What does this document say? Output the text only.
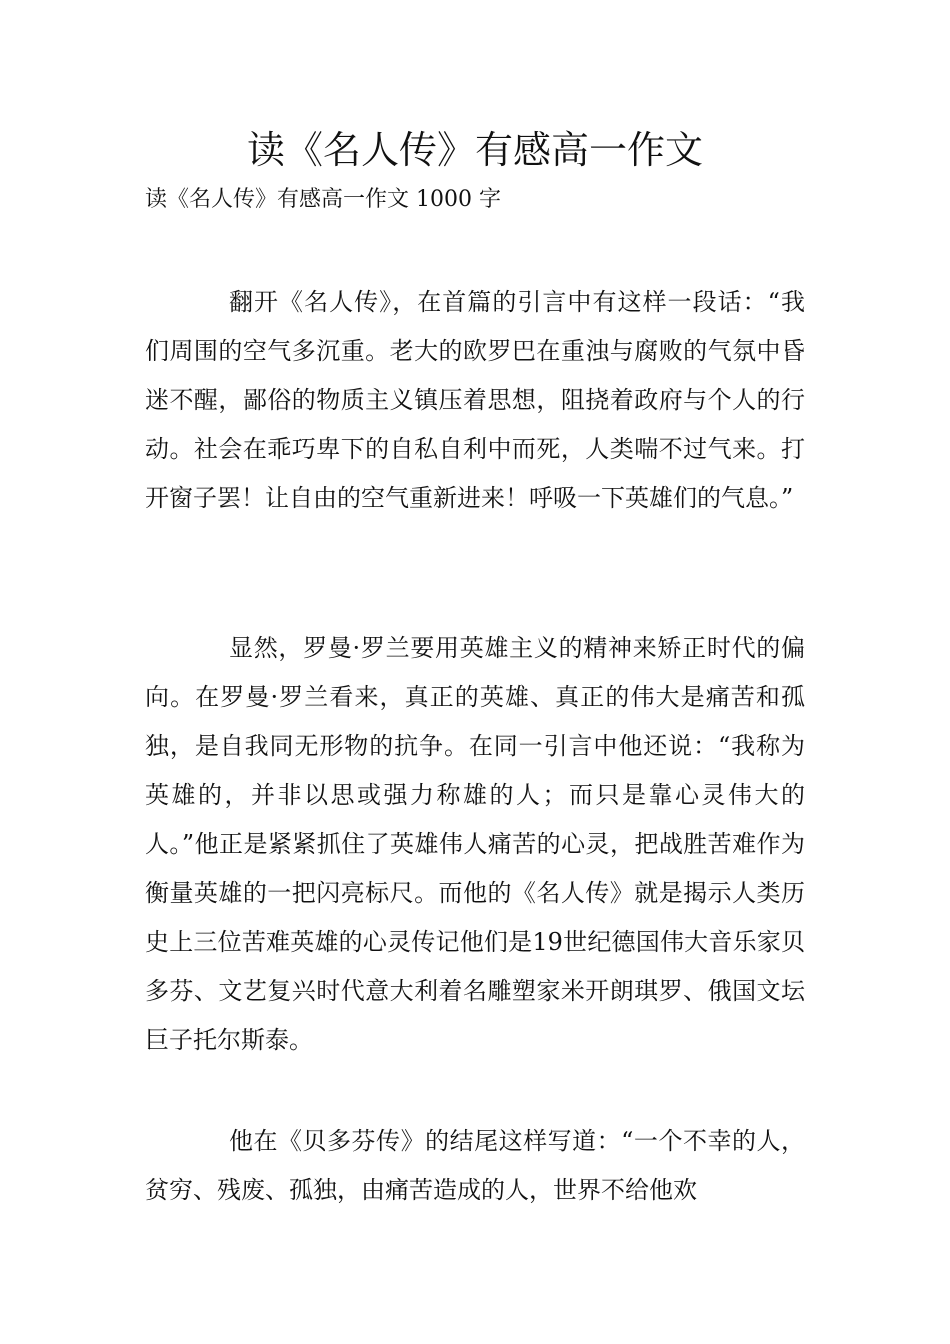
读《名人传》有感高一作文

读《名人传》有感高一作文 1000 字

翻开《名人传》，在首篇的引言中有这样一段话：“我们周围的空气多沉重。老大的欧罗巴在重浊与腐败的气氛中昏迷不醒，鄙俗的物质主义镇压着思想，阻挠着政府与个人的行动。社会在乖巧卑下的自私自利中而死，人类喘不过气来。打开窗子罢！让自由的空气重新进来！呼吸一下英雄们的气息。”

显然，罗曼·罗兰要用英雄主义的精神来矫正时代的偏向。在罗曼·罗兰看来，真正的英雄、真正的伟大是痛苦和孤独，是自我同无形物的抗争。在同一引言中他还说：“我称为英雄的，并非以思或强力称雄的人；而只是靠心灵伟大的人。”他正是紧紧抓住了英雄伟人痛苦的心灵，把战胜苦难作为衡量英雄的一把闪亮标尺。而他的《名人传》就是揭示人类历史上三位苦难英雄的心灵传记他们是19世纪德国伟大音乐家贝多芬、文艺复兴时代意大利着名雕塑家米开朗琪罗、俄国文坛巨子托尔斯泰。

他在《贝多芬传》的结尾这样写道：“一个不幸的人，贫穷、残废、孤独，由痛苦造成的人，世界不给他欢
